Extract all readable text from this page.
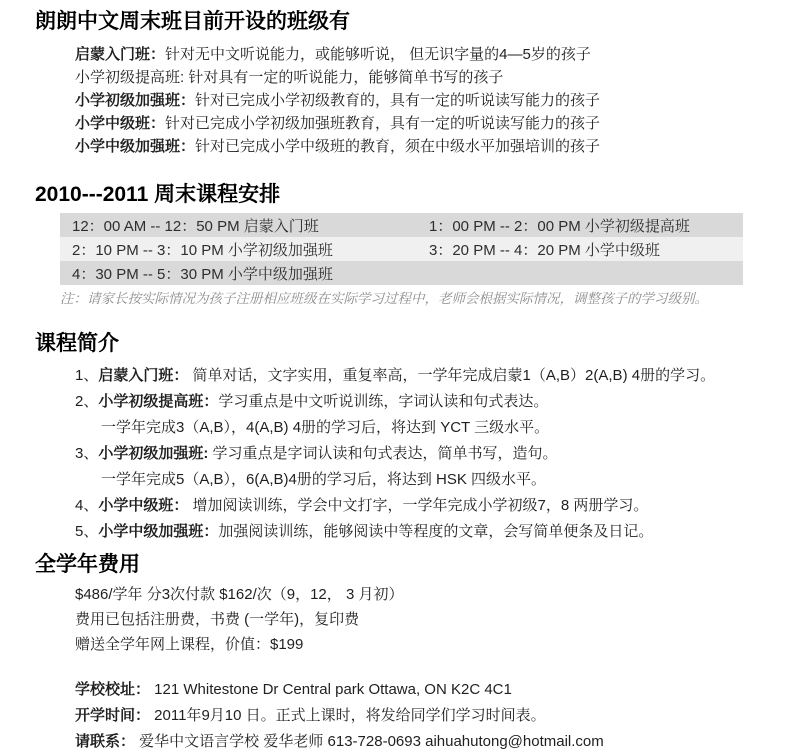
朗朗中文周末班目前开设的班级有

启蒙入门班：针对无中文听说能力，或能够听说， 但无识字量的4—5岁的孩子

小学初级提高班: 针对具有一定的听说能力，能够简单书写的孩子

小学初级加强班：针对已完成小学初级教育的，具有一定的听说读写能力的孩子

小学中级班：针对已完成小学初级加强班教育，具有一定的听说读写能力的孩子

小学中级加强班：针对已完成小学中级班的教育，须在中级水平加强培训的孩子

2010---2011 周末课程安排
12：00 AM -- 12：50 PM 启蒙入门班	1：00 PM -- 2：00 PM 小学初级提高班
2：10 PM -- 3：10 PM 小学初级加强班	3：20 PM -- 4：20 PM 小学中级班
4：30 PM -- 5：30 PM 小学中级加强班	

注：请家长按实际情况为孩子注册相应班级在实际学习过程中，老师会根据实际情况，调整孩子的学习级别。

课程简介

1、启蒙入门班： 简单对话，文字实用，重复率高，一学年完成启蒙1（A,B）2(A,B) 4册的学习。

2、小学初级提高班：学习重点是中文听说训练，字词认读和句式表达。

一学年完成3（A,B），4(A,B) 4册的学习后，将达到 YCT 三级水平。

3、小学初级加强班: 学习重点是字词认读和句式表达，简单书写，造句。

一学年完成5（A,B），6(A,B)4册的学习后，将达到 HSK 四级水平。

4、小学中级班： 增加阅读训练，学会中文打字，一学年完成小学初级7，8 两册学习。

5、小学中级加强班：加强阅读训练，能够阅读中等程度的文章，会写简单便条及日记。

全学年费用

$486/学年 分3次付款 $162/次（9，12， 3 月初）

费用已包括注册费，书费 (一学年)，复印费

赠送全学年网上课程，价值：$199

学校校址： 121 Whitestone Dr Central park Ottawa, ON K2C 4C1

开学时间： 2011年9月10 日。正式上课时，将发给同学们学习时间表。

请联系： 爱华中文语言学校 爱华老师 613-728-0693 aihuahutong@hotmail.com
